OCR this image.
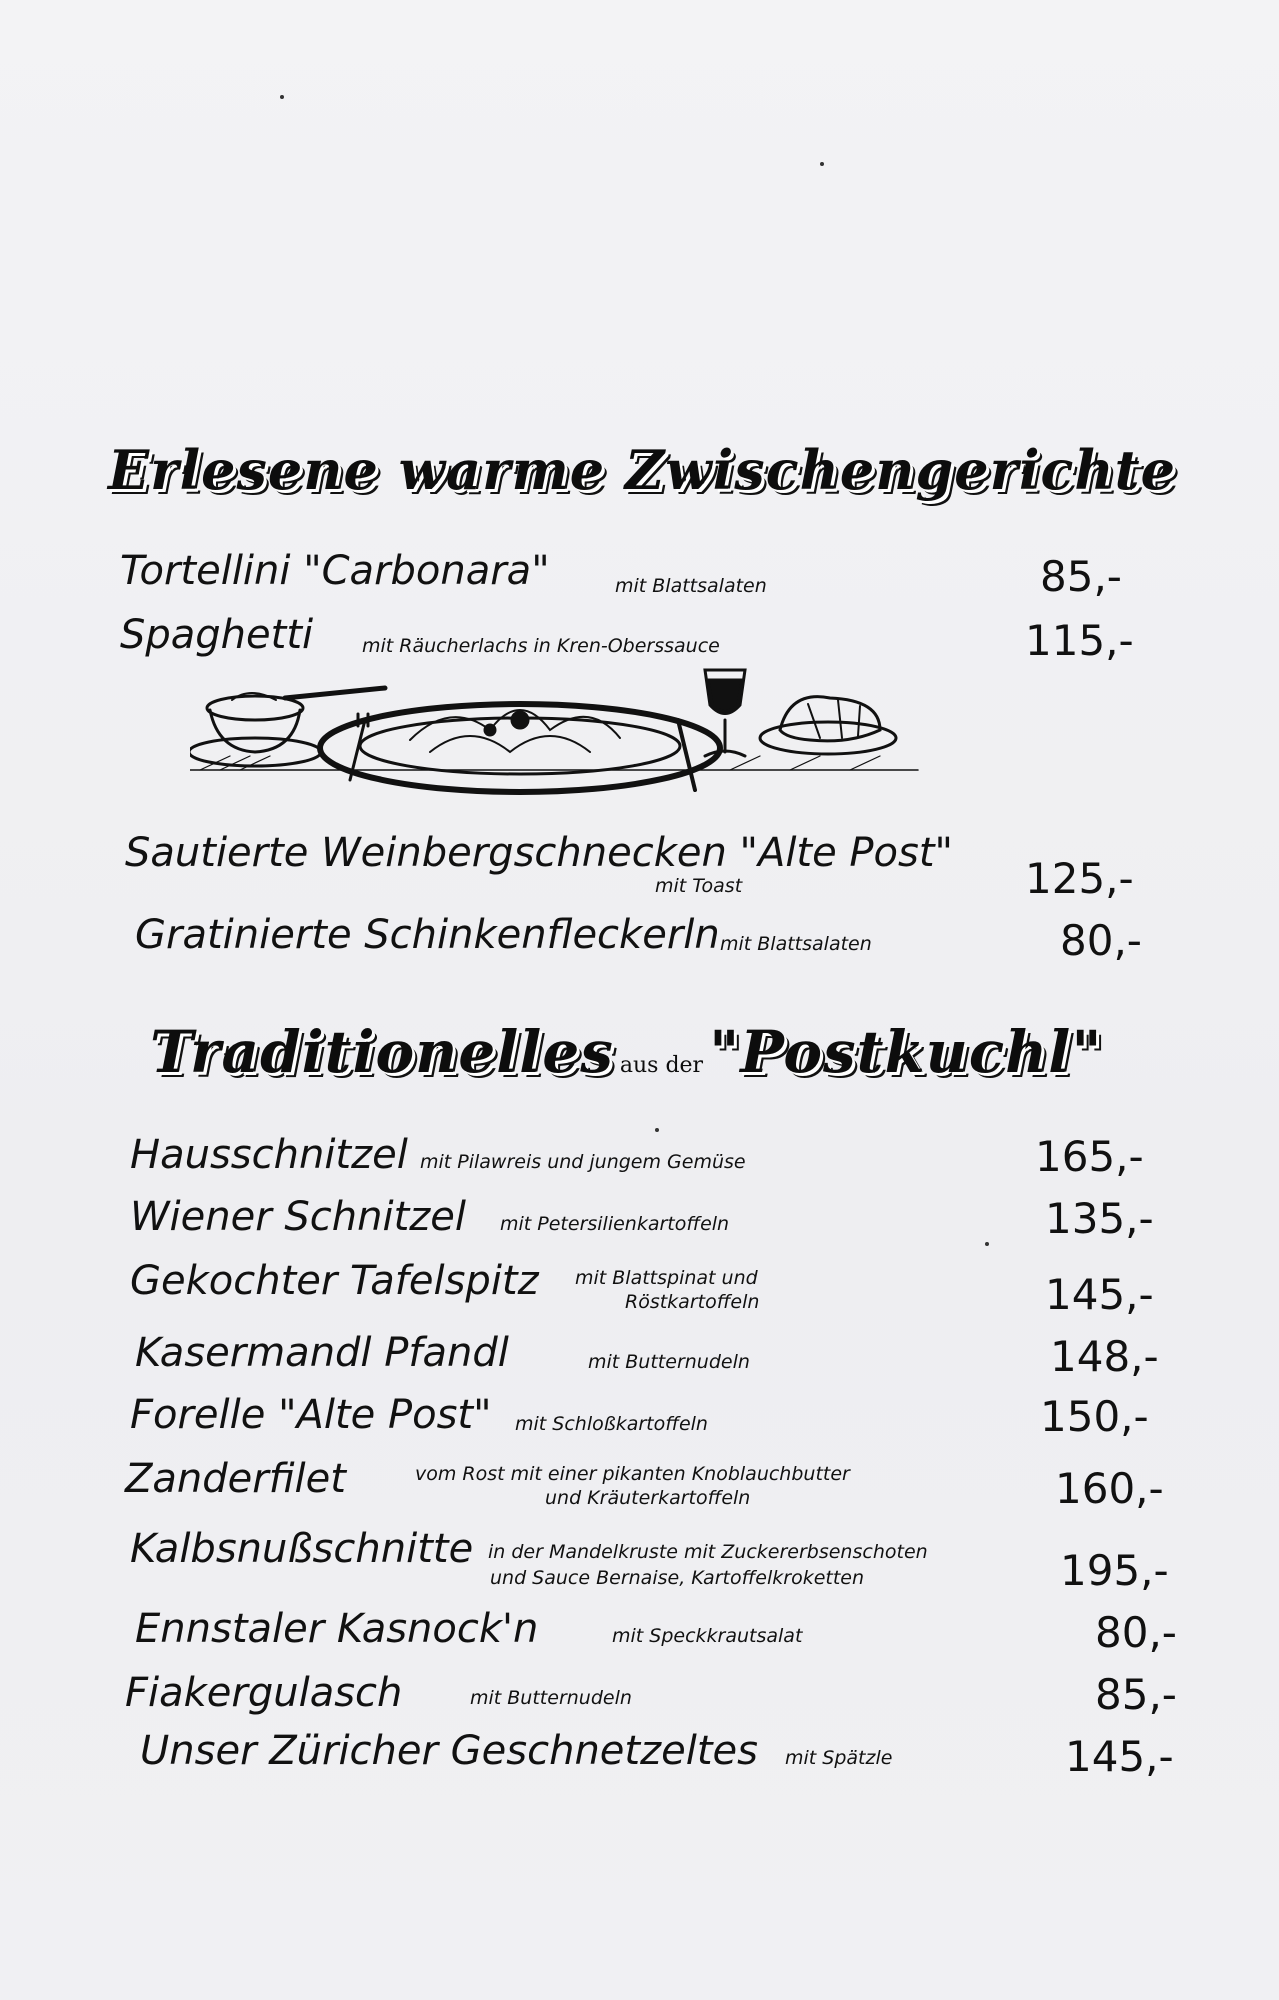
Erlesene warme Zwischengerichte
Tortellini "Carbonara"	mit Blattsalaten	85,-
Spaghetti	mit Räucherlachs in Kren-Oberssauce	115,-
Sautierte Weinbergschnecken "Alte Post"
mit Toast	125,-
Gratinierte Schinkenfleckerln mit Blattsalaten	80,-
Traditionelles aus der "Postkuchl"
Hausschnitzel mit Pilawreis und jungem Gemüse	165,-
Wiener Schnitzel mit Petersilienkartoffeln	135,-
Gekochter Tafelspitz mit Blattspinat und
Röstkartoffeln	145,-
Kasermandl Pfandl	mit Butternudeln	148,-
Forelle "Alte Post" mit Schloßkartoffeln	150,-
Zanderfilet	vom Rost mit einer pikanten Knoblauchbutter
und Kräuterkartoffeln	160,-
Kalbsnußschnitte in der Mandelkruste mit Zuckererbsenschoten
und Sauce Bernaise, Kartoffelkroketten	195,-
Ennstaler Kasnock'n	mit Speckkrautsalat	80,-
Fiakergulasch	mit Butternudeln	85,-
Unser Züricher Geschnetzeltes mit Spätzle	145,-
